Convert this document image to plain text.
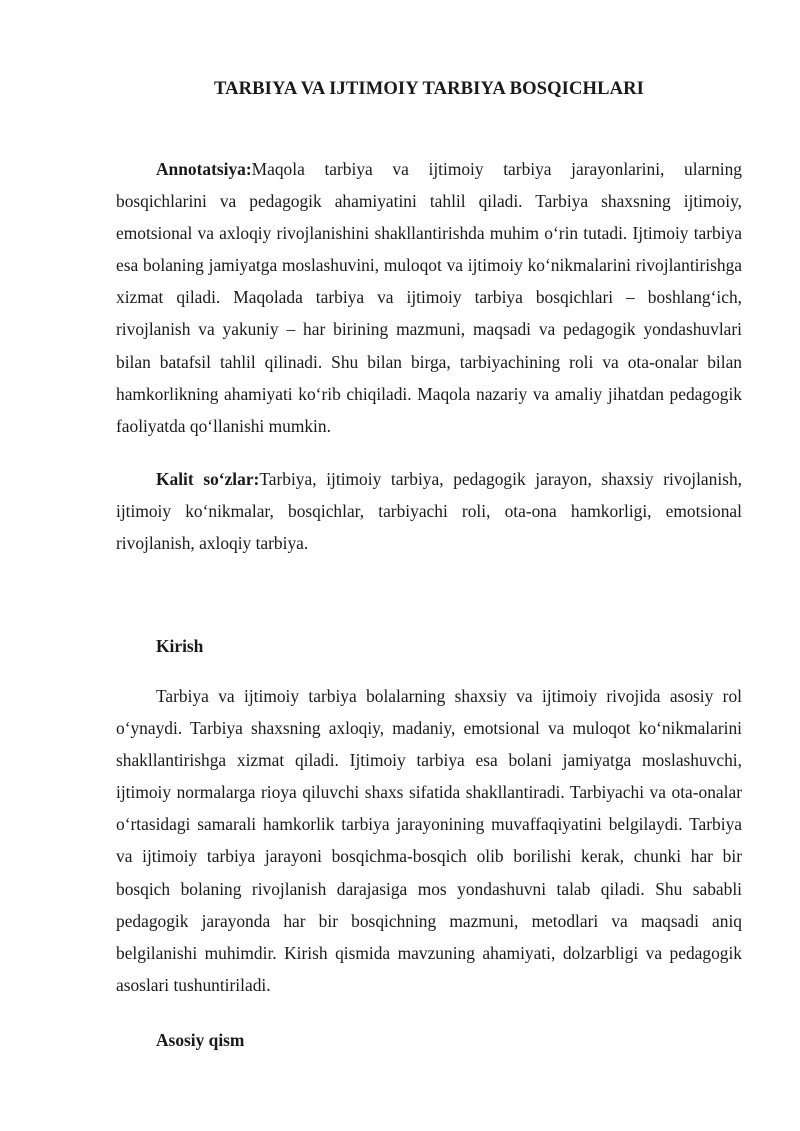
TARBIYA VA IJTIMOIY TARBIYA BOSQICHLARI

Annotatsiya:Maqola tarbiya va ijtimoiy tarbiya jarayonlarini, ularning bosqichlarini va pedagogik ahamiyatini tahlil qiladi. Tarbiya shaxsning ijtimoiy, emotsional va axloqiy rivojlanishini shakllantirishda muhim o‘rin tutadi. Ijtimoiy tarbiya esa bolaning jamiyatga moslashuvini, muloqot va ijtimoiy ko‘nikmalarini rivojlantirishga xizmat qiladi. Maqolada tarbiya va ijtimoiy tarbiya bosqichlari – boshlang‘ich, rivojlanish va yakuniy – har birining mazmuni, maqsadi va pedagogik yondashuvlari bilan batafsil tahlil qilinadi. Shu bilan birga, tarbiyachining roli va ota-onalar bilan hamkorlikning ahamiyati ko‘rib chiqiladi. Maqola nazariy va amaliy jihatdan pedagogik faoliyatda qo‘llanishi mumkin.

Kalit so‘zlar:Tarbiya, ijtimoiy tarbiya, pedagogik jarayon, shaxsiy rivojlanish, ijtimoiy ko‘nikmalar, bosqichlar, tarbiyachi roli, ota-ona hamkorligi, emotsional rivojlanish, axloqiy tarbiya.

Kirish

Tarbiya va ijtimoiy tarbiya bolalarning shaxsiy va ijtimoiy rivojida asosiy rol o‘ynaydi. Tarbiya shaxsning axloqiy, madaniy, emotsional va muloqot ko‘nikmalarini shakllantirishga xizmat qiladi. Ijtimoiy tarbiya esa bolani jamiyatga moslashuvchi, ijtimoiy normalarga rioya qiluvchi shaxs sifatida shakllantiradi. Tarbiyachi va ota-onalar o‘rtasidagi samarali hamkorlik tarbiya jarayonining muvaffaqiyatini belgilaydi. Tarbiya va ijtimoiy tarbiya jarayoni bosqichma-bosqich olib borilishi kerak, chunki har bir bosqich bolaning rivojlanish darajasiga mos yondashuvni talab qiladi. Shu sababli pedagogik jarayonda har bir bosqichning mazmuni, metodlari va maqsadi aniq belgilanishi muhimdir. Kirish qismida mavzuning ahamiyati, dolzarbligi va pedagogik asoslari tushuntiriladi.

Asosiy qism
